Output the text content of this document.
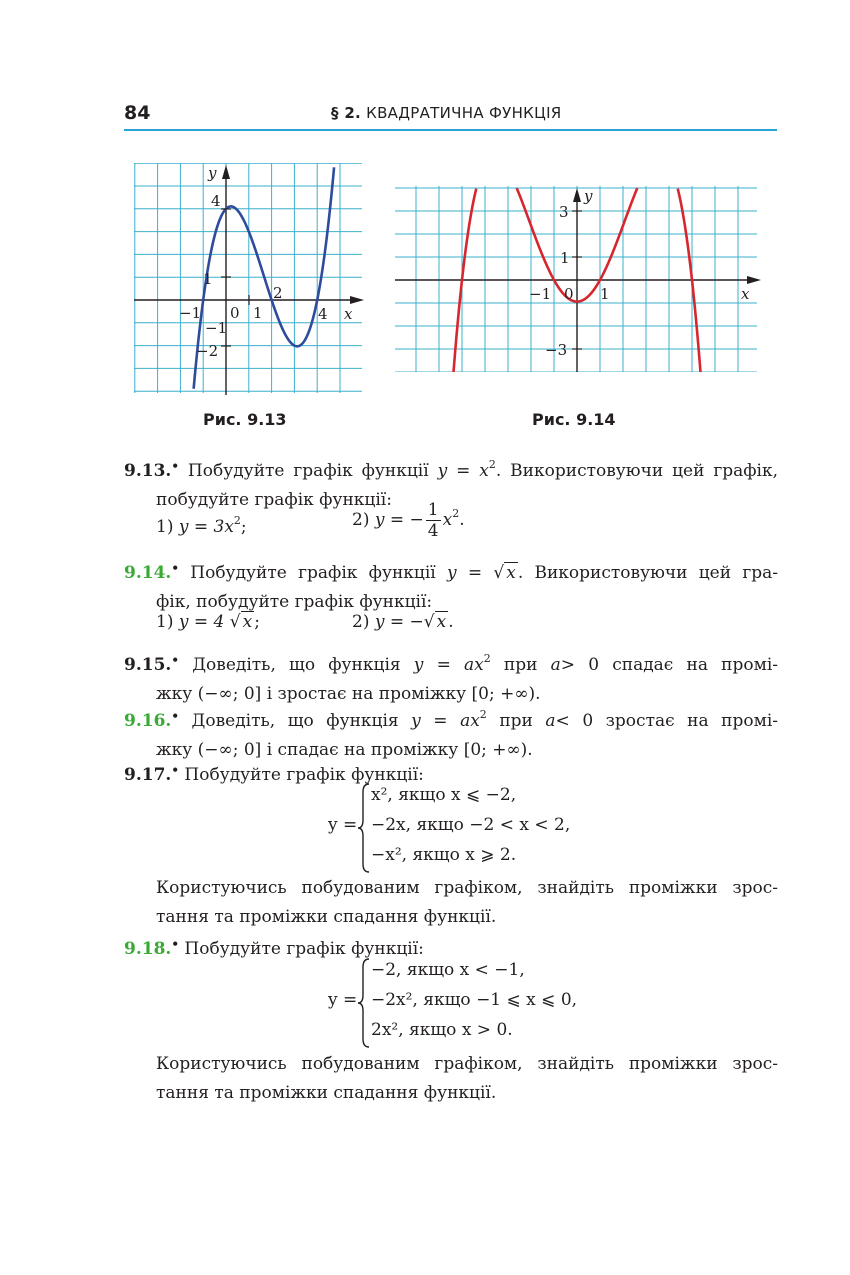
84	§ 2. КВАДРАТИЧНА ФУНКЦІЯ
y
x
4
1
−1
−2
−1 0 1
2
4
Рис. 9.13
y
x
3
1
−3
−1 0 1
Рис. 9.14
9.13.• Побудуйте графік функції $y = x^2$. Використовуючи цей графік,
побудуйте графік функції:
1) $y = 3x^2$;	2) y = − $\frac{1}{4} x^2$.
9.14.• Побудуйте графік функції y = √ x . Використовуючи цей гра-
фік, побудуйте графік функції:
1) y = 4 √ x ;	2) y = −√ x .
9.15.• Доведіть, що функція $y = ax^2$ при a> 0 спадає на промі-
жку (−∞; 0] і зростає на проміжку [0; +∞).
9.16.• Доведіть, що функція $y = ax^2$ при a< 0 зростає на промі-
жку (−∞; 0] і спадає на проміжку [0; +∞).
9.17.• Побудуйте графік функції:
y =
x², якщо x ⩽ −2,
−2x, якщо −2 < x < 2,
−x², якщо x ⩾ 2.
Користуючись побудованим графіком, знайдіть проміжки зрос-
тання та проміжки спадання функції.
9.18.• Побудуйте графік функції:
y =
−2, якщо x < −1,
−2x², якщо −1 ⩽ x ⩽ 0,
2x², якщо x > 0.
Користуючись побудованим графіком, знайдіть проміжки зрос-
тання та проміжки спадання функції.
